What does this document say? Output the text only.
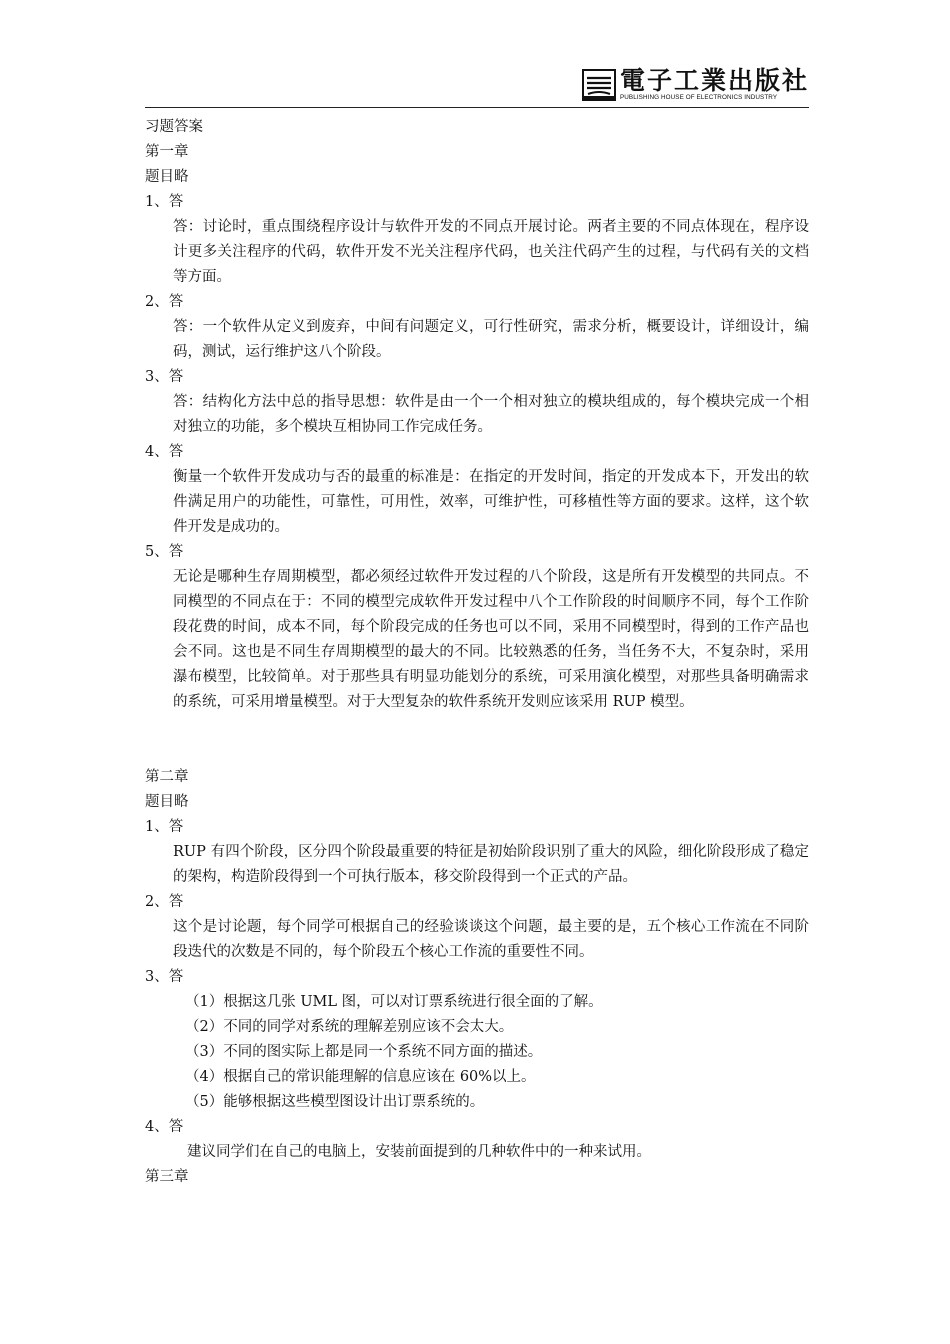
電子工業出版社
PUBLISHING HOUSE OF ELECTRONICS INDUSTRY
习题答案
第一章
题目略
1、答
答：讨论时，重点围绕程序设计与软件开发的不同点开展讨论。两者主要的不同点体现在，程序设计更多关注程序的代码，软件开发不光关注程序代码，也关注代码产生的过程，与代码有关的文档等方面。
2、答
答：一个软件从定义到废弃，中间有问题定义，可行性研究，需求分析，概要设计，详细设计，编码，测试，运行维护这八个阶段。
3、答
答：结构化方法中总的指导思想：软件是由一个一个相对独立的模块组成的，每个模块完成一个相对独立的功能，多个模块互相协同工作完成任务。
4、答
衡量一个软件开发成功与否的最重的标准是：在指定的开发时间，指定的开发成本下，开发出的软件满足用户的功能性，可靠性，可用性，效率，可维护性，可移植性等方面的要求。这样，这个软件开发是成功的。
5、答
无论是哪种生存周期模型，都必须经过软件开发过程的八个阶段，这是所有开发模型的共同点。不同模型的不同点在于：不同的模型完成软件开发过程中八个工作阶段的时间顺序不同，每个工作阶段花费的时间，成本不同，每个阶段完成的任务也可以不同，采用不同模型时，得到的工作产品也会不同。这也是不同生存周期模型的最大的不同。比较熟悉的任务，当任务不大，不复杂时，采用瀑布模型，比较简单。对于那些具有明显功能划分的系统，可采用演化模型，对那些具备明确需求的系统，可采用增量模型。对于大型复杂的软件系统开发则应该采用 RUP 模型。
第二章
题目略
1、答
RUP 有四个阶段，区分四个阶段最重要的特征是初始阶段识别了重大的风险，细化阶段形成了稳定的架构，构造阶段得到一个可执行版本，移交阶段得到一个正式的产品。
2、答
这个是讨论题，每个同学可根据自己的经验谈谈这个问题，最主要的是，五个核心工作流在不同阶段迭代的次数是不同的，每个阶段五个核心工作流的重要性不同。
3、答
（1）根据这几张 UML 图，可以对订票系统进行很全面的了解。
（2）不同的同学对系统的理解差别应该不会太大。
（3）不同的图实际上都是同一个系统不同方面的描述。
（4）根据自己的常识能理解的信息应该在 60%以上。
（5）能够根据这些模型图设计出订票系统的。
4、答
建议同学们在自己的电脑上，安装前面提到的几种软件中的一种来试用。
第三章
